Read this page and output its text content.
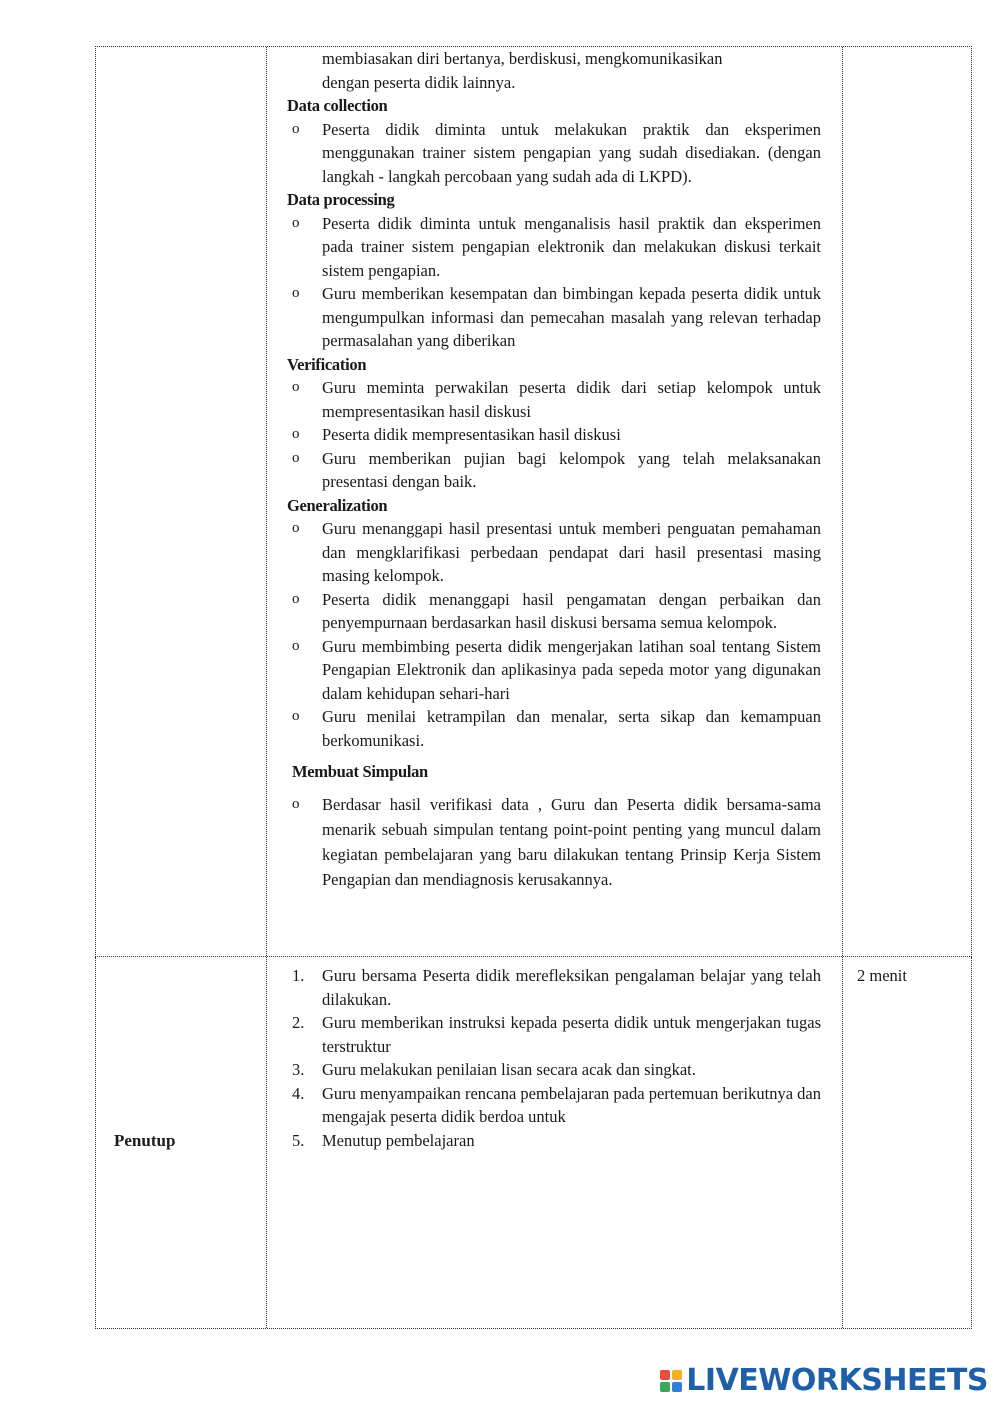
membiasakan diri bertanya, berdiskusi, mengkomunikasikan
dengan peserta didik lainnya.
Data collection
o Peserta didik diminta untuk melakukan praktik dan eksperimen menggunakan trainer sistem pengapian yang sudah disediakan. (dengan langkah - langkah percobaan yang sudah ada di LKPD).
Data processing
o Peserta didik diminta untuk menganalisis hasil praktik dan eksperimen pada trainer sistem pengapian elektronik dan melakukan diskusi terkait sistem pengapian.
o Guru memberikan kesempatan dan bimbingan kepada peserta didik untuk mengumpulkan informasi dan pemecahan masalah yang relevan terhadap permasalahan yang diberikan
Verification
o Guru meminta perwakilan peserta didik dari setiap kelompok untuk mempresentasikan hasil diskusi
o Peserta didik mempresentasikan hasil diskusi
o Guru memberikan pujian bagi kelompok yang telah melaksanakan presentasi dengan baik.
Generalization
o Guru menanggapi hasil presentasi untuk memberi penguatan pemahaman dan mengklarifikasi perbedaan pendapat dari hasil presentasi masing masing kelompok.
o Peserta didik menanggapi hasil pengamatan dengan perbaikan dan penyempurnaan berdasarkan hasil diskusi bersama semua kelompok.
o Guru membimbing peserta didik mengerjakan latihan soal tentang Sistem Pengapian Elektronik dan aplikasinya pada sepeda motor yang digunakan dalam kehidupan sehari-hari
o Guru menilai ketrampilan dan menalar, serta sikap dan kemampuan berkomunikasi.
Membuat Simpulan
o Berdasar hasil verifikasi data , Guru dan Peserta didik bersama-sama menarik sebuah simpulan tentang point-point penting yang muncul dalam kegiatan pembelajaran yang baru dilakukan tentang Prinsip Kerja Sistem Pengapian dan mendiagnosis kerusakannya.
Penutup
1. Guru bersama Peserta didik merefleksikan pengalaman belajar yang telah dilakukan.
2. Guru memberikan instruksi kepada peserta didik untuk mengerjakan tugas terstruktur
3. Guru melakukan penilaian lisan secara acak dan singkat.
4. Guru menyampaikan rencana pembelajaran pada pertemuan berikutnya dan mengajak peserta didik berdoa untuk
5. Menutup pembelajaran
2 menit
LIVEWORKSHEETS
